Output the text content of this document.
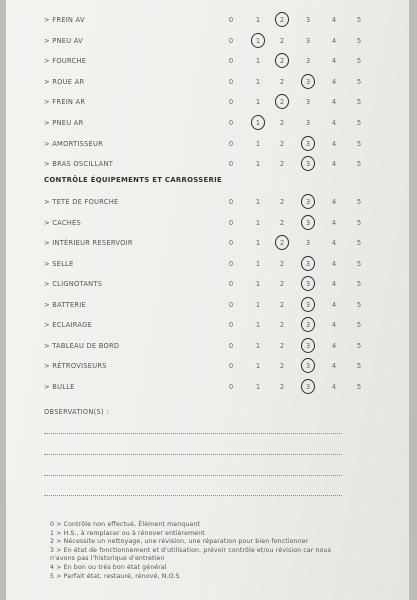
> FREIN AV	0	1	2	3	4	5
> PNEU AV	0	1	2	3	4	5
> FOURCHE	0	1	2	3	4	5
> ROUE AR	0	1	2	3	4	5
> FREIN AR	0	1	2	3	4	5
> PNEU AR	0	1	2	3	4	5
> AMORTISSEUR	0	1	2	3	4	5
> BRAS OSCILLANT	0	1	2	3	4	5
CONTRÔLE ÉQUIPEMENTS ET CARROSSERIE
> TETE DE FOURCHE	0	1	2	3	4	5
> CACHES	0	1	2	3	4	5
> INTÉRIEUR RESERVOIR	0	1	2	3	4	5
> SELLE	0	1	2	3	4	5
> CLIGNOTANTS	0	1	2	3	4	5
> BATTERIE	0	1	2	3	4	5
> ECLAIRAGE	0	1	2	3	4	5
> TABLEAU DE BORD	0	1	2	3	4	5
> RÉTROVISEURS	0	1	2	3	4	5
> BULLE	0	1	2	3	4	5
OBSERVATION(S) :
0 > Contrôle non effectué, Élément manquant
1 > H.S., à remplacer ou à rénover entièrement
2 > Nécessite un nettoyage, une révision, une réparation pour bien fonctionner
3 > En état de fonctionnement et d'utilisation, prévoir contrôle et/ou révision car nous
n'avons pas l'historique d'entretien
4 > En bon ou très bon état général
5 > Parfait état, restauré, rénové, N.O.S
